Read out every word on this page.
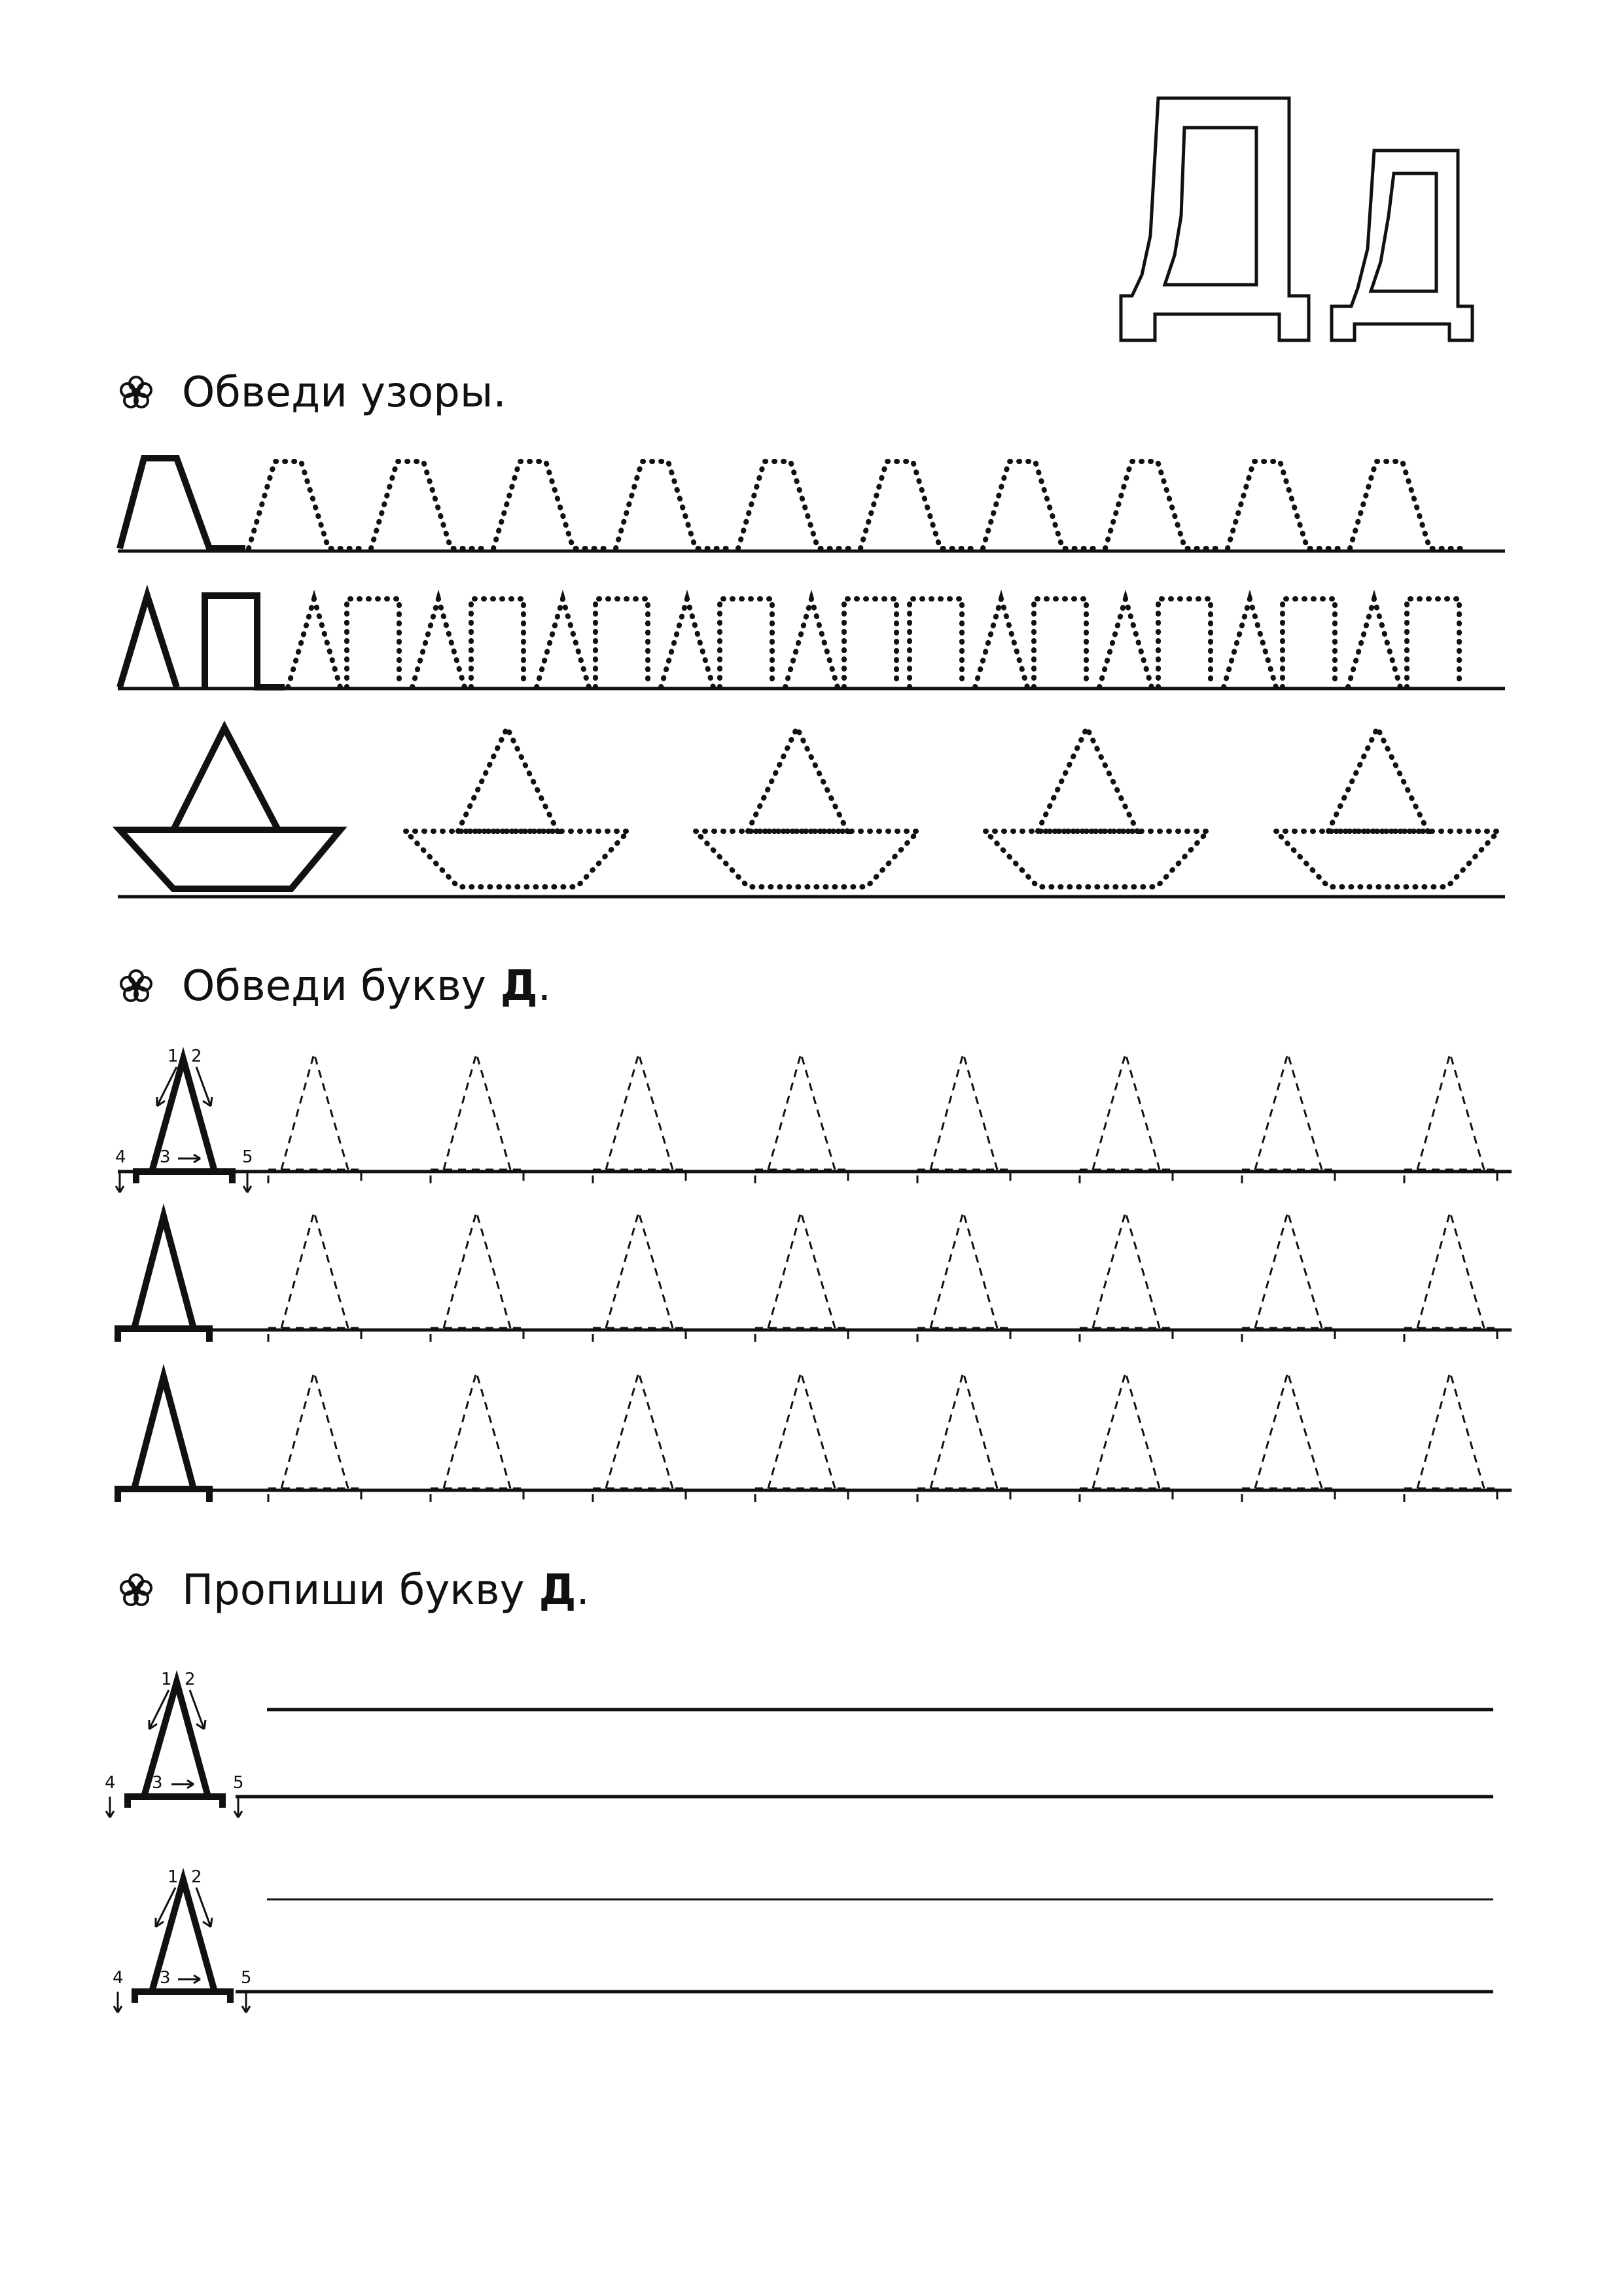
Обведи узоры.
Обведи букву Д .
1 2
3
4	5
Пропиши букву Д .
1 2
3
4	5
1 2
3
4	5
